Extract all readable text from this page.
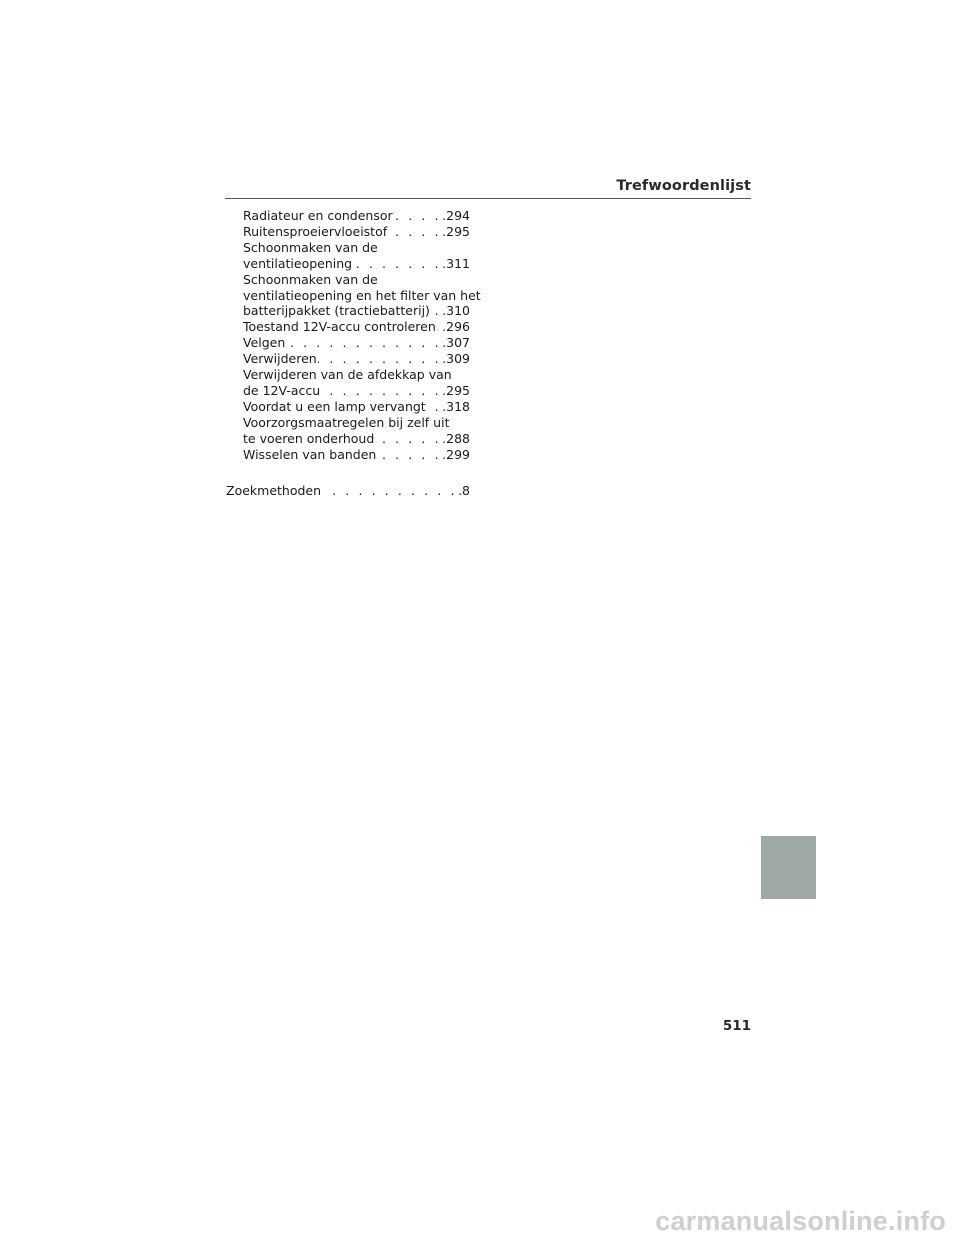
Trefwoordenlijst
Radiateur en condensor . . .	.294
Ruitensproeiervloeistof . . .	.295
Schoonmaken van de
ventilatieopening . . .	.311
Schoonmaken van de
ventilatieopening en het filter van het
batterijpakket (tractiebatterij) . . . .310
Toestand 12V-accu controleren . . . .296
Velgen . . .	.307
Verwijderen . . .	.309
Verwijderen van de afdekkap van
de 12V-accu . . .	.295
Voordat u een lamp vervangt . . . .318
Voorzorgsmaatregelen bij zelf uit
te voeren onderhoud . . .	.288
Wisselen van banden . . .	.299
Zoekmethoden . . .	.8
511
carmanualsonline.info
